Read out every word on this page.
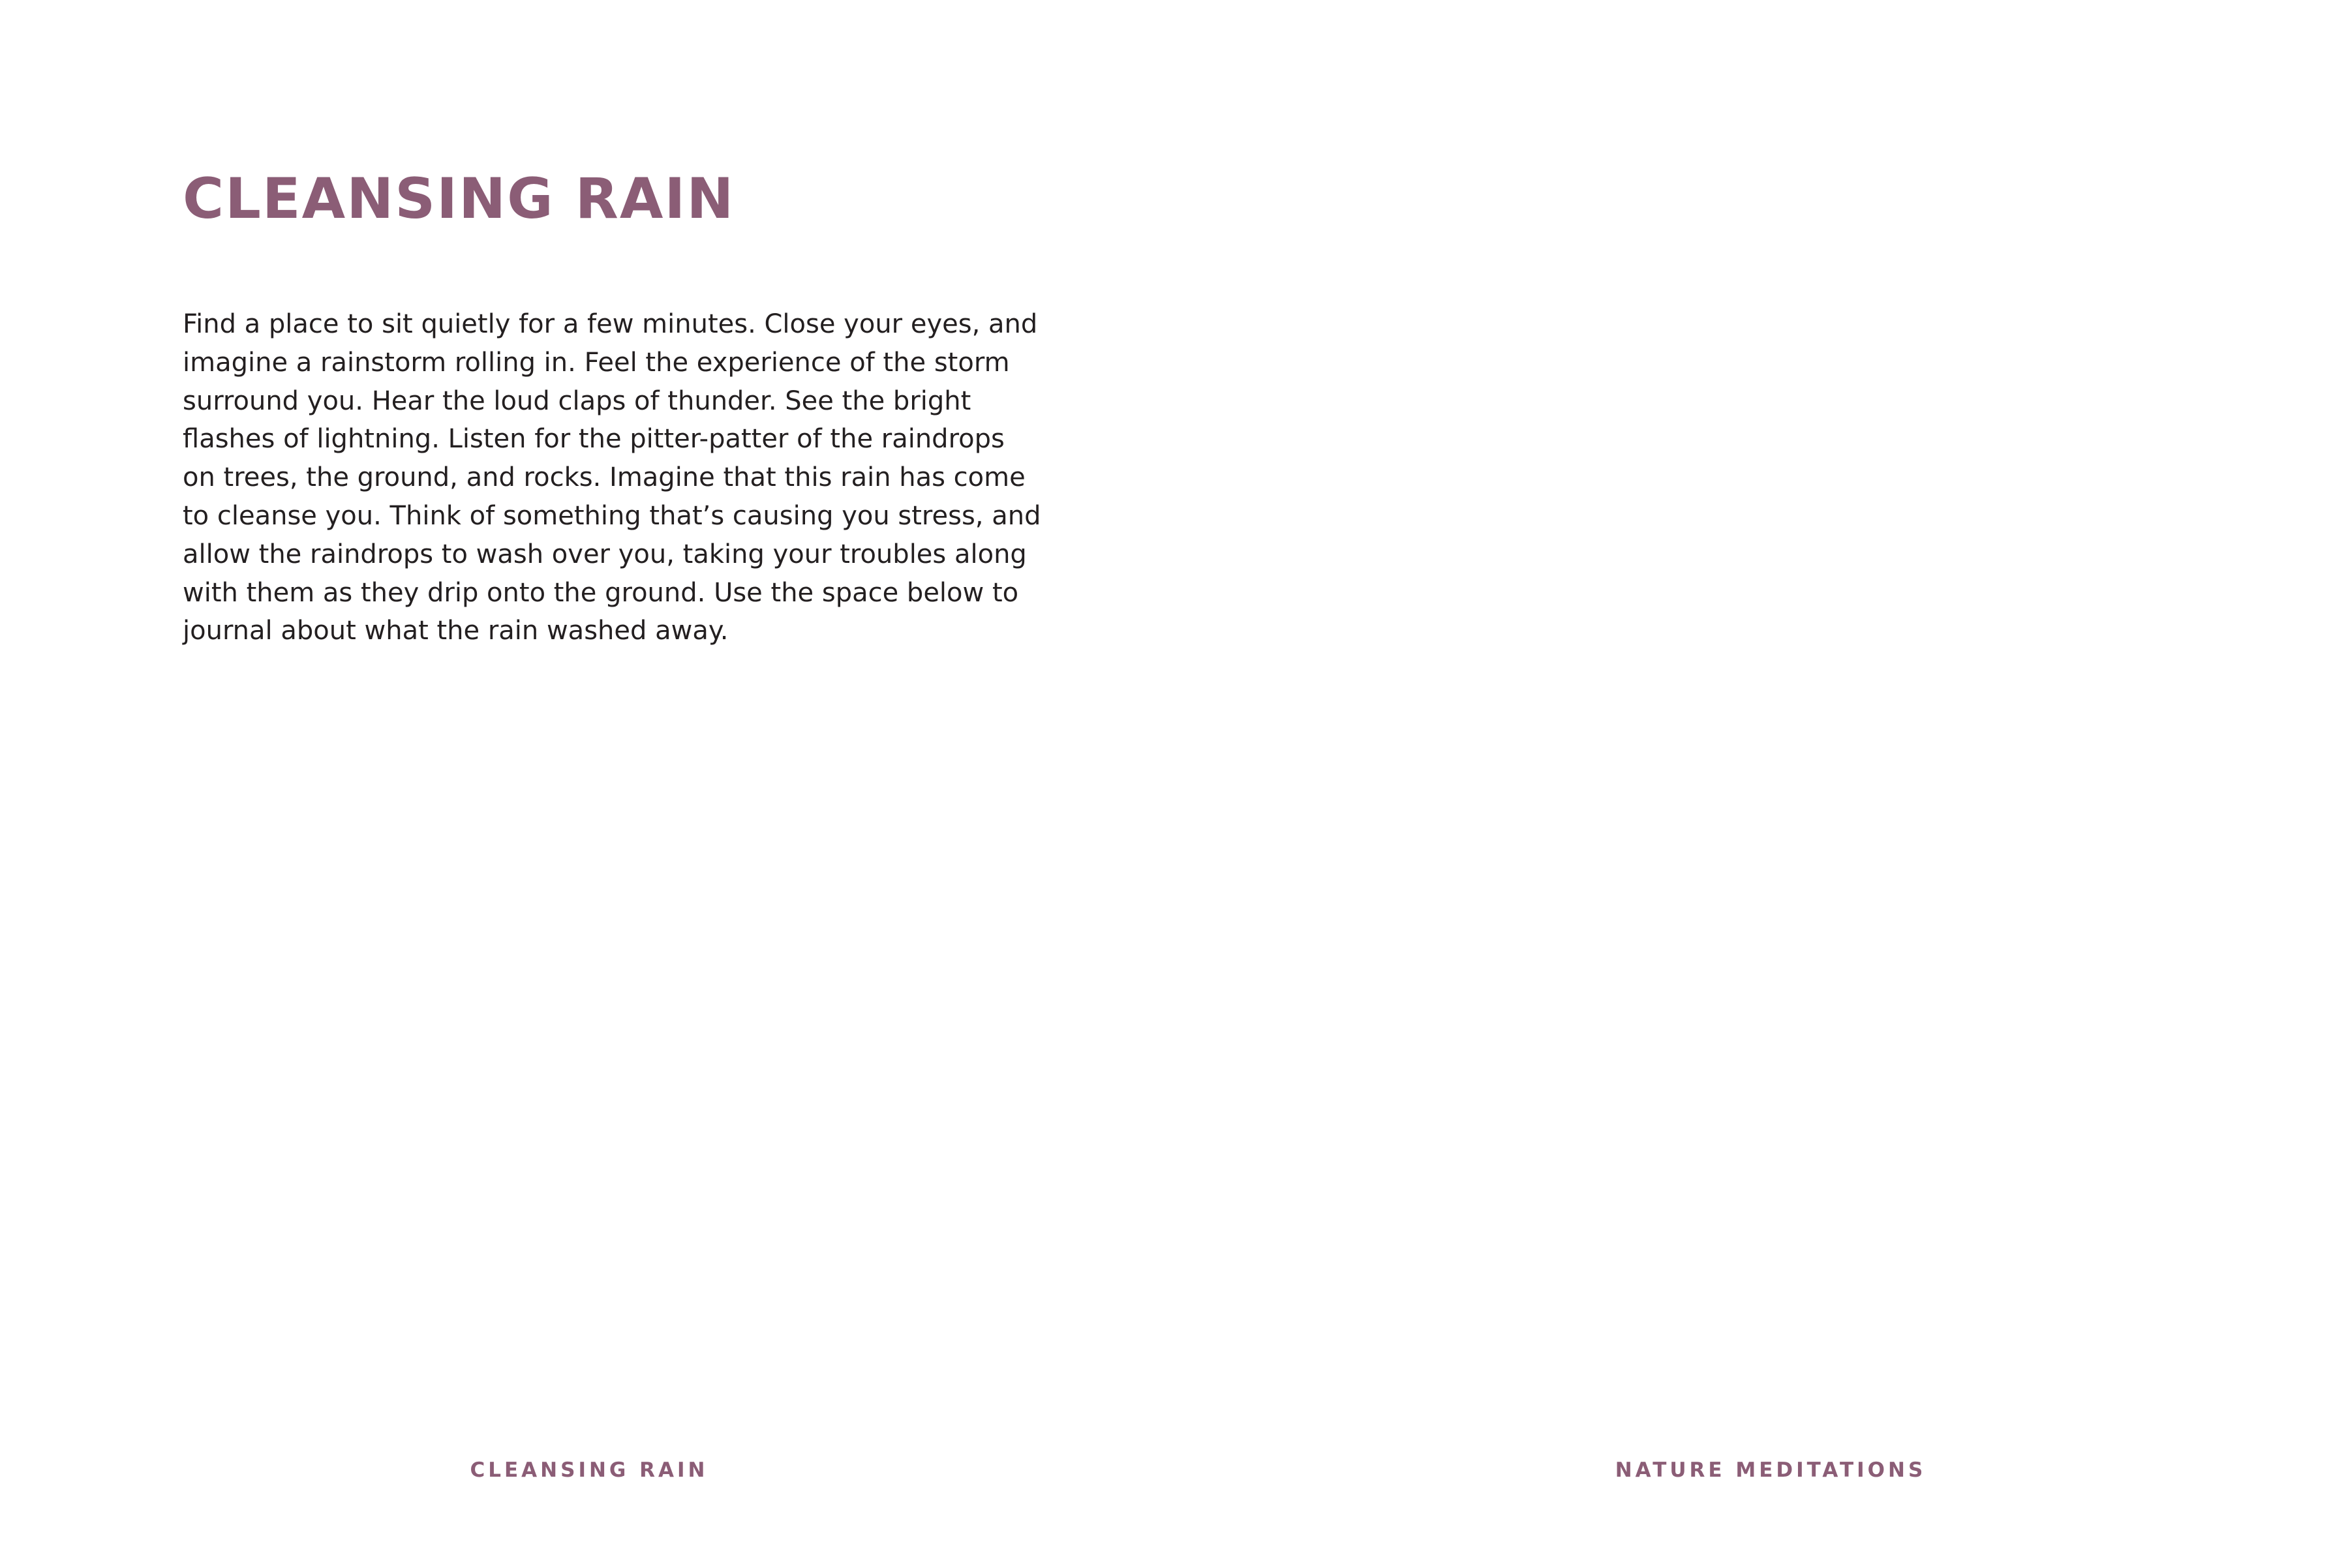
CLEANSING RAIN

Find a place to sit quietly for a few minutes. Close your eyes, and
imagine a rainstorm rolling in. Feel the experience of the storm
surround you. Hear the loud claps of thunder. See the bright
flashes of lightning. Listen for the pitter-patter of the raindrops
on trees, the ground, and rocks. Imagine that this rain has come
to cleanse you. Think of something that’s causing you stress, and
allow the raindrops to wash over you, taking your troubles along
with them as they drip onto the ground. Use the space below to
journal about what the rain washed away.

CLEANSING RAIN	NATURE MEDITATIONS
